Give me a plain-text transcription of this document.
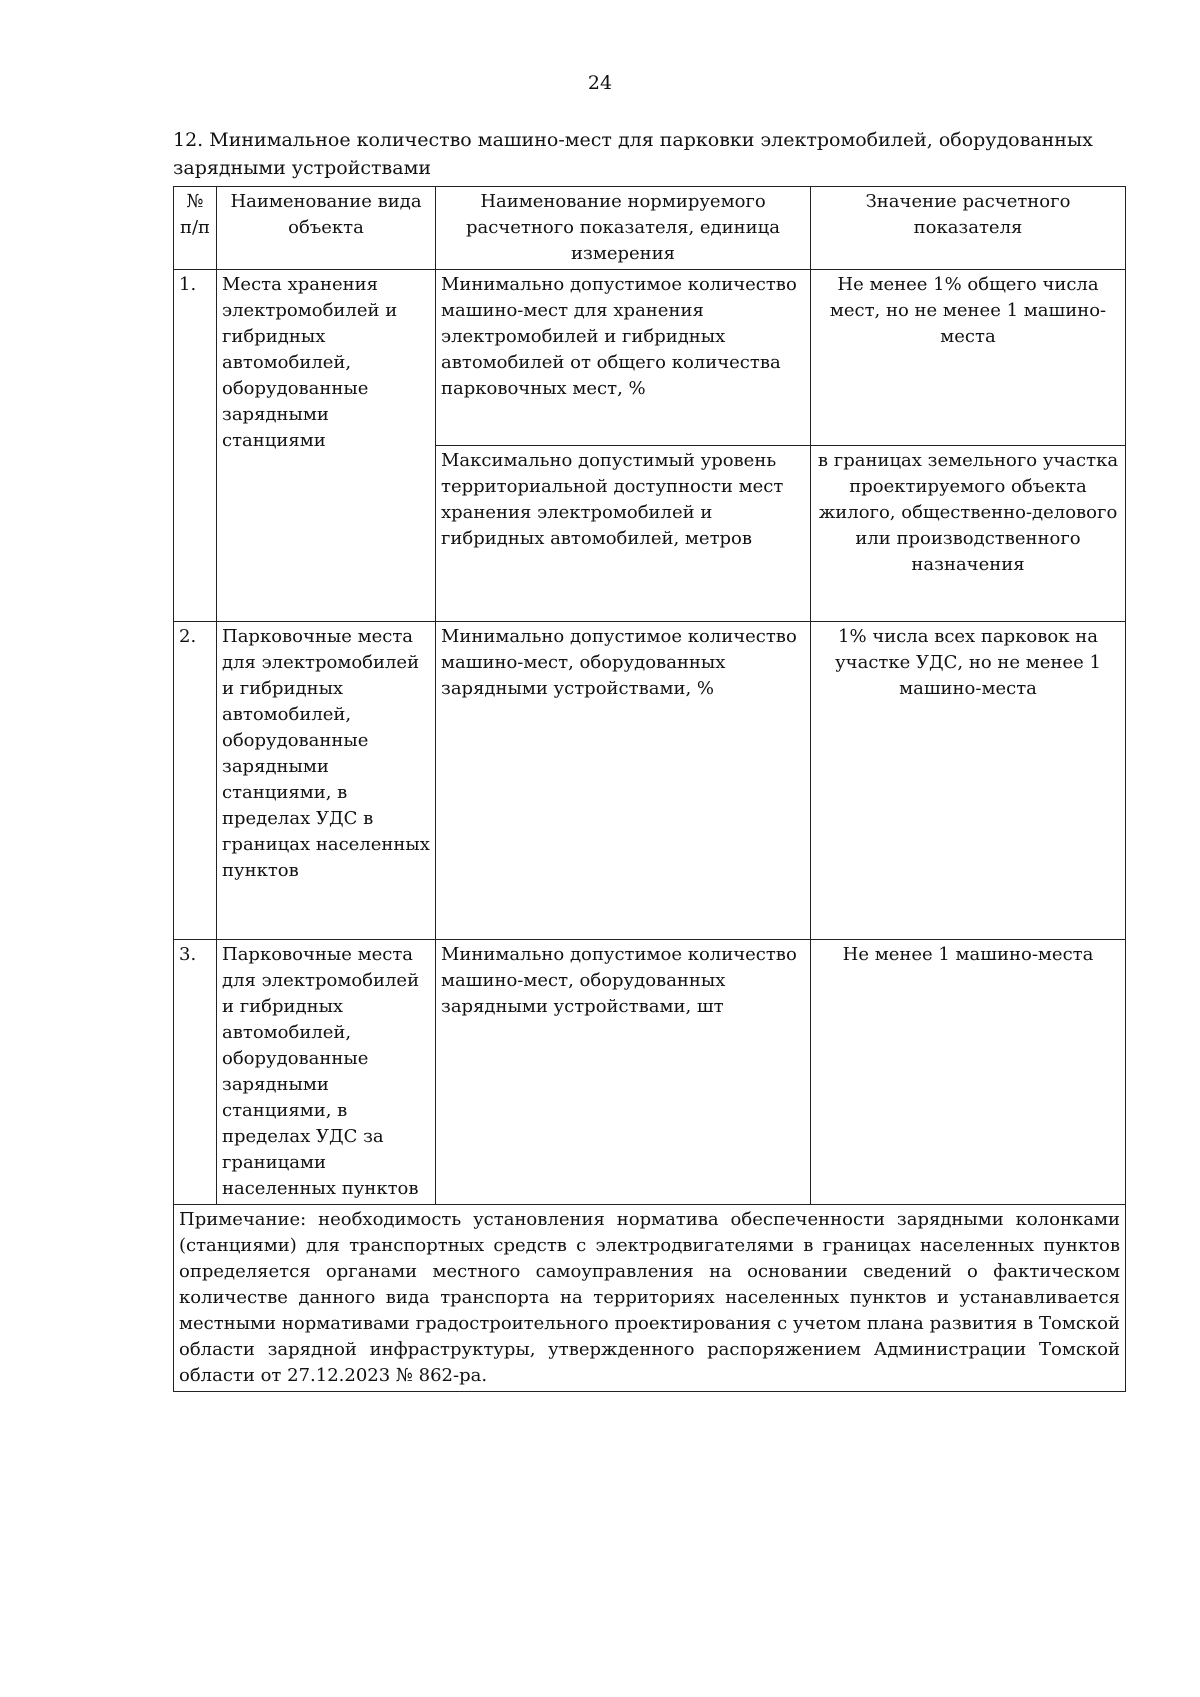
24
12. Минимальное количество машино-мест для парковки электромобилей, оборудованных зарядными устройствами
№ п/п	Наименование вида объекта	Наименование нормируемого расчетного показателя, единица измерения	Значение расчетного показателя
1.	Места хранения электромобилей и гибридных автомобилей, оборудованные зарядными станциями	Минимально допустимое количество машино-мест для хранения электромобилей и гибридных автомобилей от общего количества парковочных мест, %	Не менее 1% общего числа мест, но не менее 1 машино-места
		Максимально допустимый уровень территориальной доступности мест хранения электромобилей и гибридных автомобилей, метров	в границах земельного участка проектируемого объекта жилого, общественно-делового или производственного назначения
2.	Парковочные места для электромобилей и гибридных автомобилей, оборудованные зарядными станциями, в пределах УДС в границах населенных пунктов	Минимально допустимое количество машино-мест, оборудованных зарядными устройствами, %	1% числа всех парковок на участке УДС, но не менее 1 машино-места
3.	Парковочные места для электромобилей и гибридных автомобилей, оборудованные зарядными станциями, в пределах УДС за границами населенных пунктов	Минимально допустимое количество машино-мест, оборудованных зарядными устройствами, шт	Не менее 1 машино-места
Примечание: необходимость установления норматива обеспеченности зарядными колонками (станциями) для транспортных средств с электродвигателями в границах населенных пунктов определяется органами местного самоуправления на основании сведений о фактическом количестве данного вида транспорта на территориях населенных пунктов и устанавливается местными нормативами градостроительного проектирования с учетом плана развития в Томской области зарядной инфраструктуры, утвержденного распоряжением Администрации Томской области от 27.12.2023 № 862-ра.			
